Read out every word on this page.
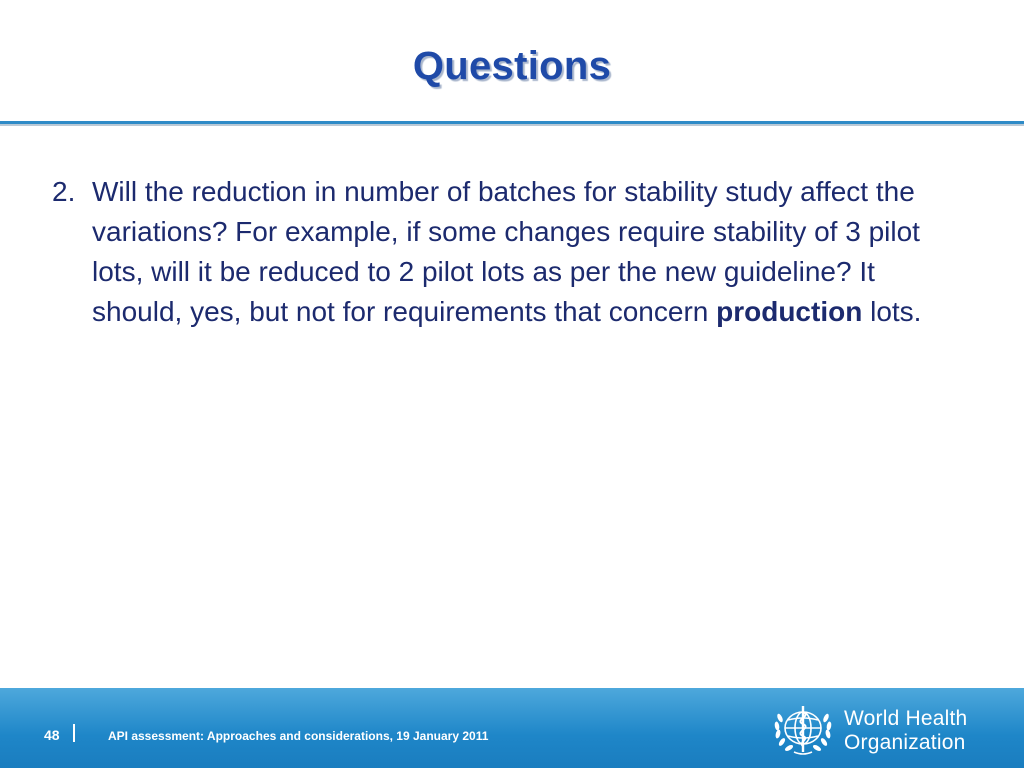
Questions

2. Will the reduction in number of batches for stability study affect the variations? For example, if some changes require stability of 3 pilot lots, will it be reduced to 2 pilot lots as per the new guideline? It should, yes, but not for requirements that concern production lots.

48	API assessment: Approaches and considerations, 19 January 2011
World Health
Organization
